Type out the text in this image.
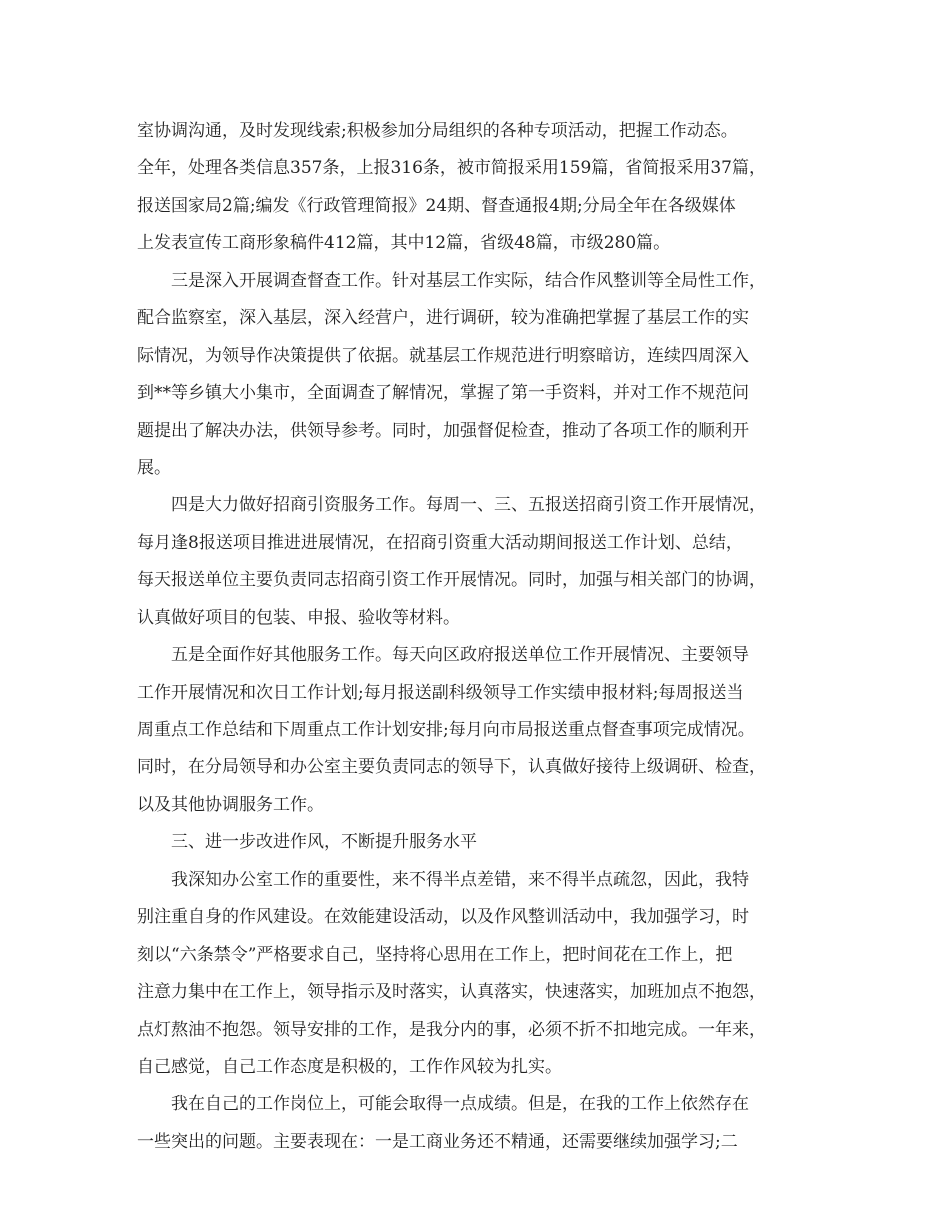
室协调沟通，及时发现线索;积极参加分局组织的各种专项活动，把握工作动态。
全年，处理各类信息357条，上报316条，被市简报采用159篇，省简报采用37篇，
报送国家局2篇;编发《行政管理简报》24期、督查通报4期;分局全年在各级媒体
上发表宣传工商形象稿件412篇，其中12篇，省级48篇，市级280篇。
三是深入开展调查督查工作。针对基层工作实际，结合作风整训等全局性工作，
配合监察室，深入基层，深入经营户，进行调研，较为准确把掌握了基层工作的实
际情况，为领导作决策提供了依据。就基层工作规范进行明察暗访，连续四周深入
到**等乡镇大小集市，全面调查了解情况，掌握了第一手资料，并对工作不规范问
题提出了解决办法，供领导参考。同时，加强督促检查，推动了各项工作的顺利开
展。
四是大力做好招商引资服务工作。每周一、三、五报送招商引资工作开展情况，
每月逢8报送项目推进进展情况，在招商引资重大活动期间报送工作计划、总结，
每天报送单位主要负责同志招商引资工作开展情况。同时，加强与相关部门的协调，
认真做好项目的包装、申报、验收等材料。
五是全面作好其他服务工作。每天向区政府报送单位工作开展情况、主要领导
工作开展情况和次日工作计划;每月报送副科级领导工作实绩申报材料;每周报送当
周重点工作总结和下周重点工作计划安排;每月向市局报送重点督查事项完成情况。
同时，在分局领导和办公室主要负责同志的领导下，认真做好接待上级调研、检查，
以及其他协调服务工作。
三、进一步改进作风，不断提升服务水平
我深知办公室工作的重要性，来不得半点差错，来不得半点疏忽，因此，我特
别注重自身的作风建设。在效能建设活动，以及作风整训活动中，我加强学习，时
刻以“六条禁令”严格要求自己，坚持将心思用在工作上，把时间花在工作上，把
注意力集中在工作上，领导指示及时落实，认真落实，快速落实，加班加点不抱怨，
点灯熬油不抱怨。领导安排的工作，是我分内的事，必须不折不扣地完成。一年来，
自己感觉，自己工作态度是积极的，工作作风较为扎实。
我在自己的工作岗位上，可能会取得一点成绩。但是，在我的工作上依然存在
一些突出的问题。主要表现在：一是工商业务还不精通，还需要继续加强学习;二
